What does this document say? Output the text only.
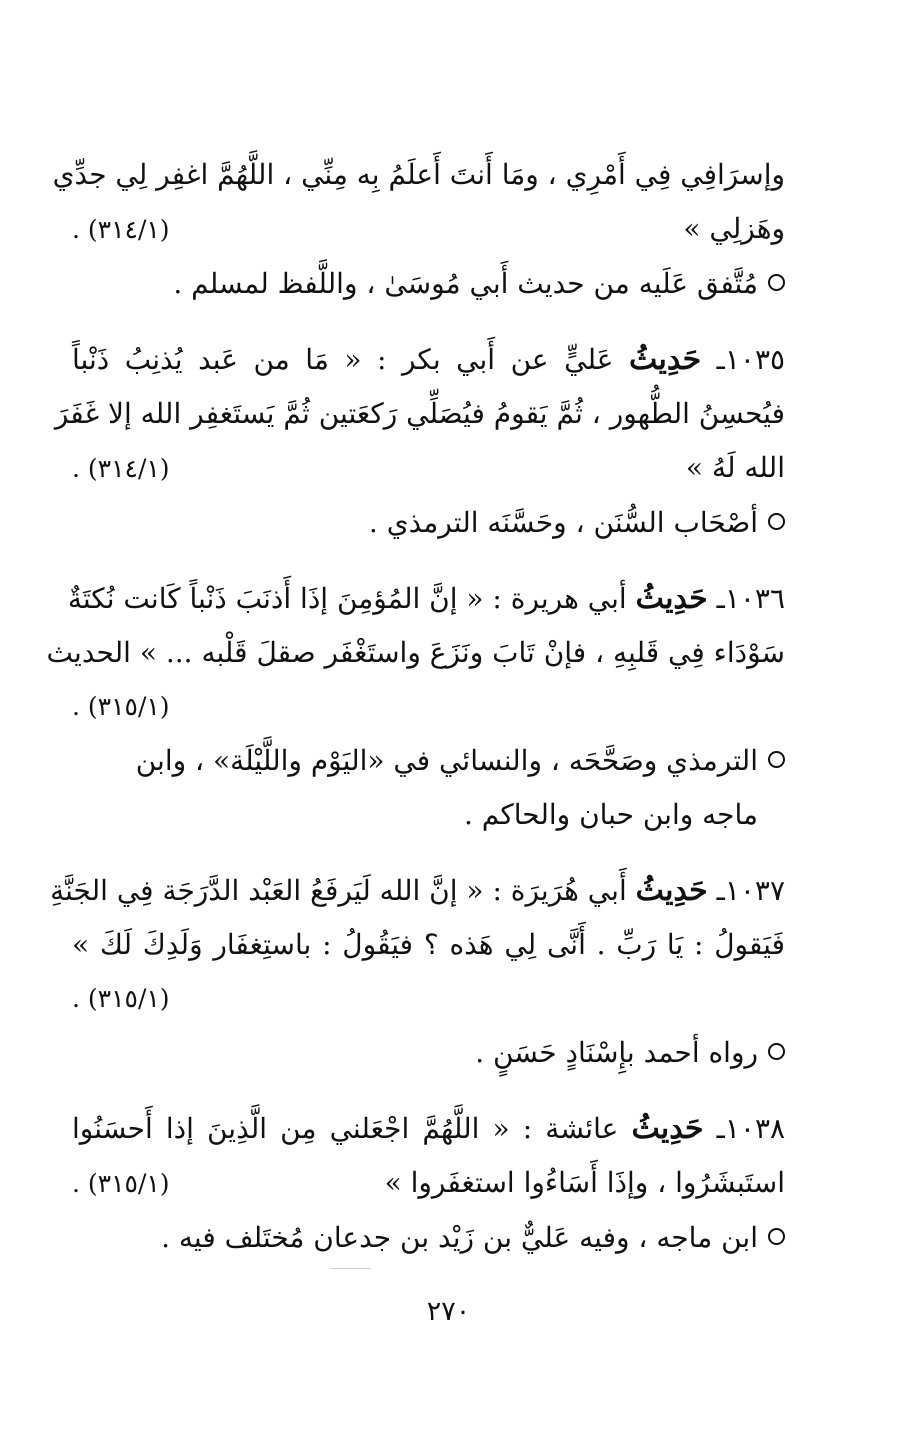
وإسرَافِي فِي أَمْرِي ، ومَا أَنتَ أَعلَمُ بِه مِنِّي ، اللَّهُمَّ اغفِر لِي جدِّي
وهَزلِي »
(٣١٤/١) .
مُتَّفق عَلَيه من حديث أَبي مُوسَىٰ ، واللَّفظ لمسلم .
١٠٣٥ـ حَدِيثُ عَليٍّ عن أَبي بكر : « مَا من عَبد يُذنِبُ ذَنْباً
فيُحسِنُ الطُّهور ، ثُمَّ يَقومُ فيُصَلِّي رَكعَتين ثُمَّ يَستَغفِر الله إلا غَفَرَ
الله لَهُ »
(٣١٤/١) .
أصْحَاب السُّنَن ، وحَسَّنَه الترمذي .
١٠٣٦ـ حَدِيثُ أبي هريرة : « إنَّ المُؤمِنَ إذَا أَذنَبَ ذَنْباً كَانت نُكتَةٌ
سَوْدَاء فِي قَلبِهِ ، فإنْ تَابَ ونَزَعَ واستَغْفَر صقلَ قَلْبه ... » الحديث
(٣١٥/١) .
الترمذي وصَحَّحَه ، والنسائي في «اليَوْم واللَّيْلَة» ، وابن ماجه وابن حبان والحاكم .
١٠٣٧ـ حَدِيثُ أَبي هُرَيرَة : « إنَّ الله لَيَرفَعُ العَبْد الدَّرَجَة فِي الجَنَّةِ
فَيَقولُ : يَا رَبِّ . أَنَّى لِي هَذه ؟ فيَقُولُ : باستِغفَار وَلَدِكَ لَكَ »
(٣١٥/١) .
رواه أحمد بإِسْنَادٍ حَسَنٍ .
١٠٣٨ـ حَدِيثُ عائشة : « اللَّهُمَّ اجْعَلني مِن الَّذِينَ إذا أَحسَنُوا
استَبشَرُوا ، وإذَا أَسَاءُوا استغفَروا »
(٣١٥/١) .
ابن ماجه ، وفيه عَليٌّ بن زَيْد بن جدعان مُختَلف فيه .
٢٧٠
